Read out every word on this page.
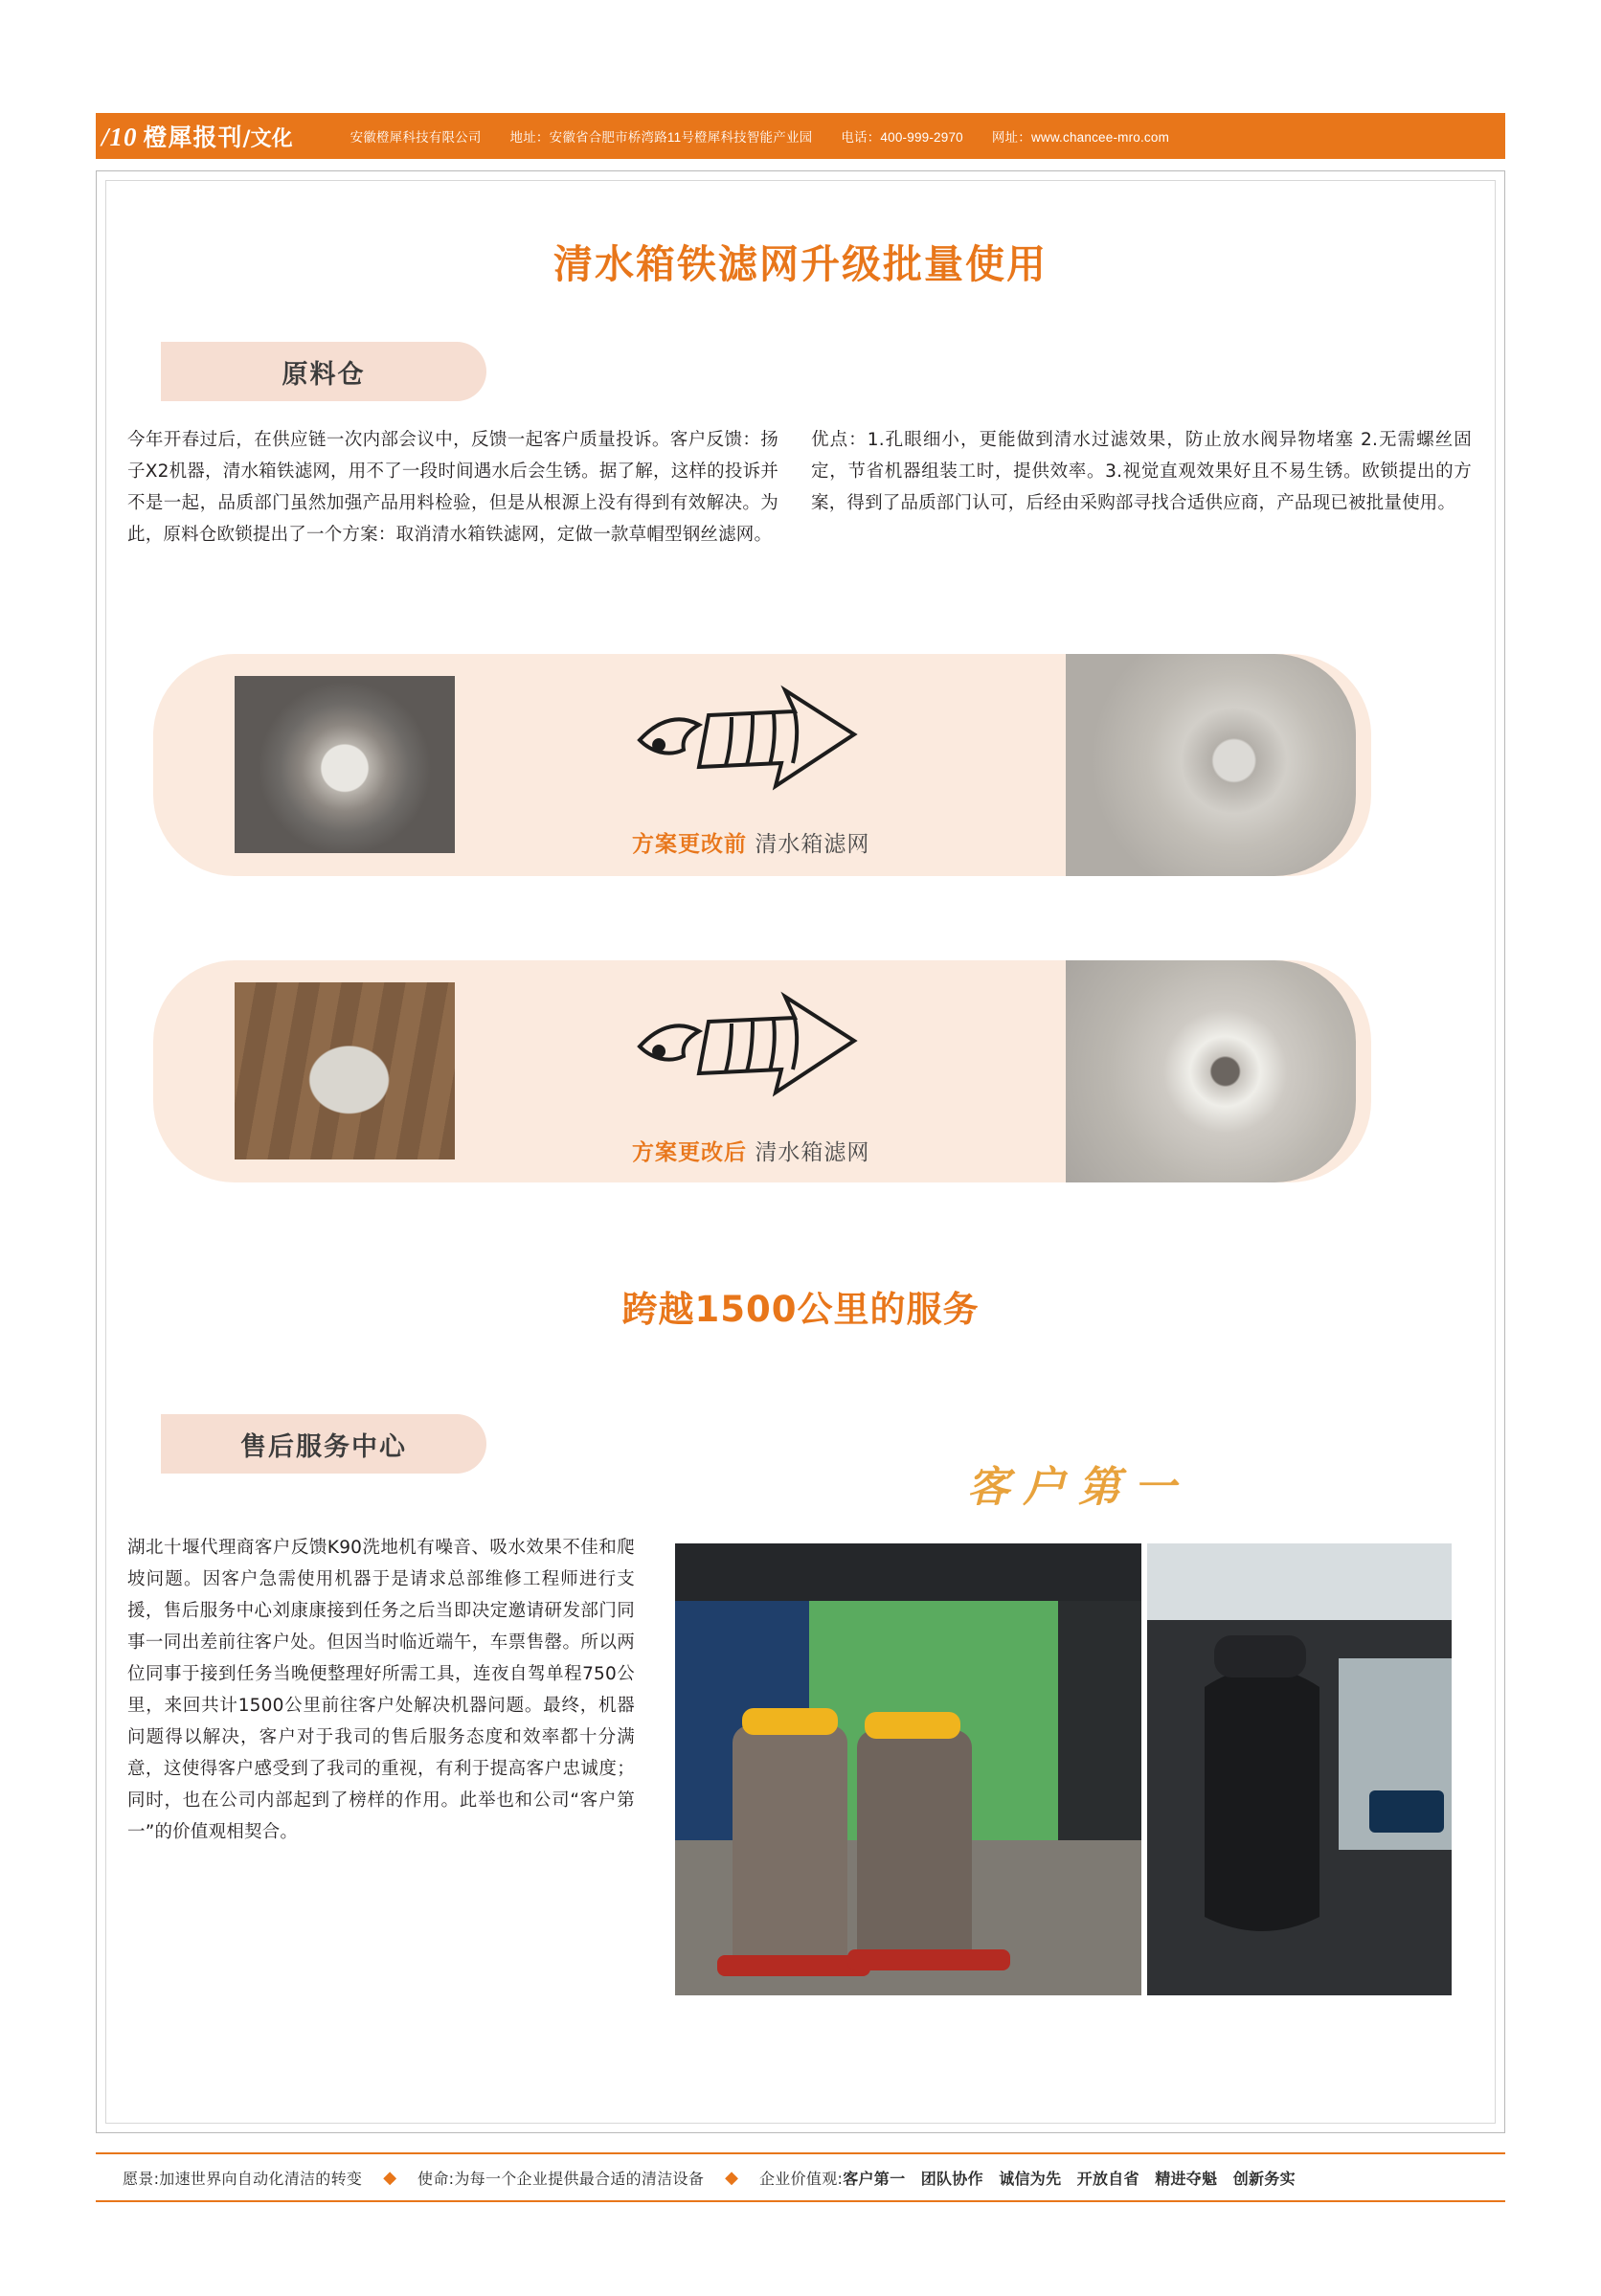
/10 橙犀报刊 /文化	安徽橙犀科技有限公司 地址：安徽省合肥市桥湾路11号橙犀科技智能产业园 电话：400-999-2970 网址：www.chancee-mro.com
清水箱铁滤网升级批量使用
原料仓
今年开春过后，在供应链一次内部会议中，反馈一起客户质量投诉。客户反馈：扬子X2机器，清水箱铁滤网，用不了一段时间遇水后会生锈。据了解，这样的投诉并不是一起，品质部门虽然加强产品用料检验，但是从根源上没有得到有效解决。为此，原料仓欧锁提出了一个方案：取消清水箱铁滤网，定做一款草帽型钢丝滤网。
优点：1.孔眼细小，更能做到清水过滤效果，防止放水阀异物堵塞 2.无需螺丝固定，节省机器组装工时，提供效率。3.视觉直观效果好且不易生锈。欧锁提出的方案，得到了品质部门认可，后经由采购部寻找合适供应商，产品现已被批量使用。
方案更改前 清水箱滤网
方案更改后 清水箱滤网
跨越1500公里的服务
售后服务中心
客户第一
湖北十堰代理商客户反馈K90洗地机有噪音、吸水效果不佳和爬坡问题。因客户急需使用机器于是请求总部维修工程师进行支援，售后服务中心刘康康接到任务之后当即决定邀请研发部门同事一同出差前往客户处。但因当时临近端午，车票售罄。所以两位同事于接到任务当晚便整理好所需工具，连夜自驾单程750公里，来回共计1500公里前往客户处解决机器问题。最终，机器问题得以解决，客户对于我司的售后服务态度和效率都十分满意，这使得客户感受到了我司的重视，有利于提高客户忠诚度；同时，也在公司内部起到了榜样的作用。此举也和公司“客户第一”的价值观相契合。
愿景:加速世界向自动化清洁的转变	◆	使命:为每一个企业提供最合适的清洁设备	◆	企业价值观:客户第一　团队协作　诚信为先　开放自省　精进夺魁　创新务实
